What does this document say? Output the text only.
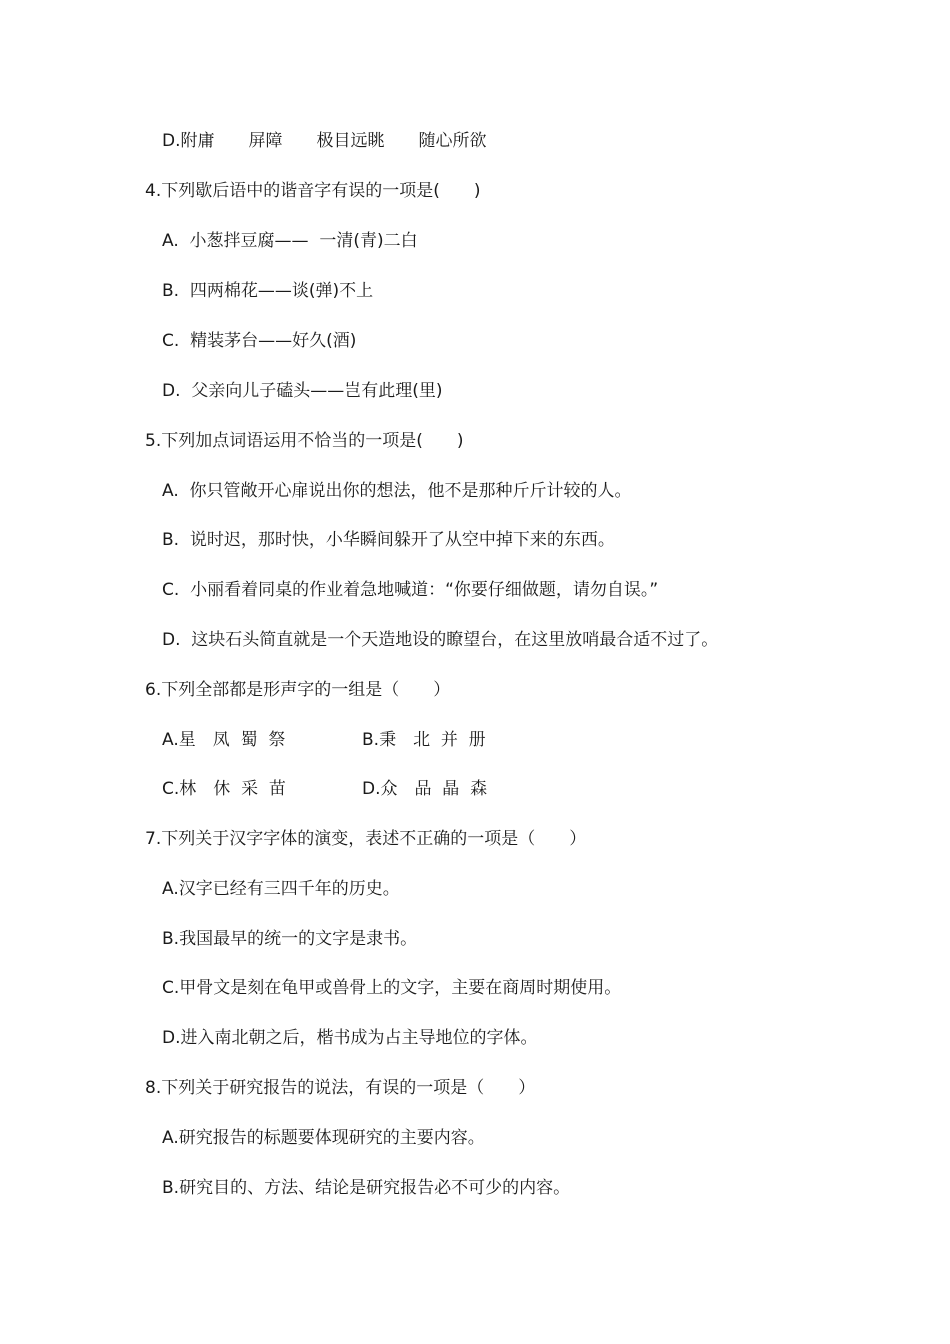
D.附庸　　屏障　　极目远眺　　随心所欲
4.下列歇后语中的谐音字有误的一项是(　　)
A.  小葱拌豆腐——  一清(青)二白
B.  四两棉花——谈(弹)不上
C.  精装茅台——好久(酒)
D.  父亲向儿子磕头——岂有此理(里)
5.下列加点词语运用不恰当的一项是(　　)
A.  你只管敞开心扉说出你的想法，他不是那种斤斤计较的人。
B.  说时迟，那时快，小华瞬间躲开了从空中掉下来的东西。
C.  小丽看着同桌的作业着急地喊道：“你要仔细做题，请勿自误。”
D.  这块石头简直就是一个天造地设的瞭望台，在这里放哨最合适不过了。
6.下列全部都是形声字的一组是（　　）
A.星　凤  蜀  祭	B.秉　北  并  册
C.林　休  采  苗	D.众　品  晶  森
7.下列关于汉字字体的演变，表述不正确的一项是（　　）
A.汉字已经有三四千年的历史。
B.我国最早的统一的文字是隶书。
C.甲骨文是刻在龟甲或兽骨上的文字，主要在商周时期使用。
D.进入南北朝之后，楷书成为占主导地位的字体。
8.下列关于研究报告的说法，有误的一项是（　　）
A.研究报告的标题要体现研究的主要内容。
B.研究目的、方法、结论是研究报告必不可少的内容。
